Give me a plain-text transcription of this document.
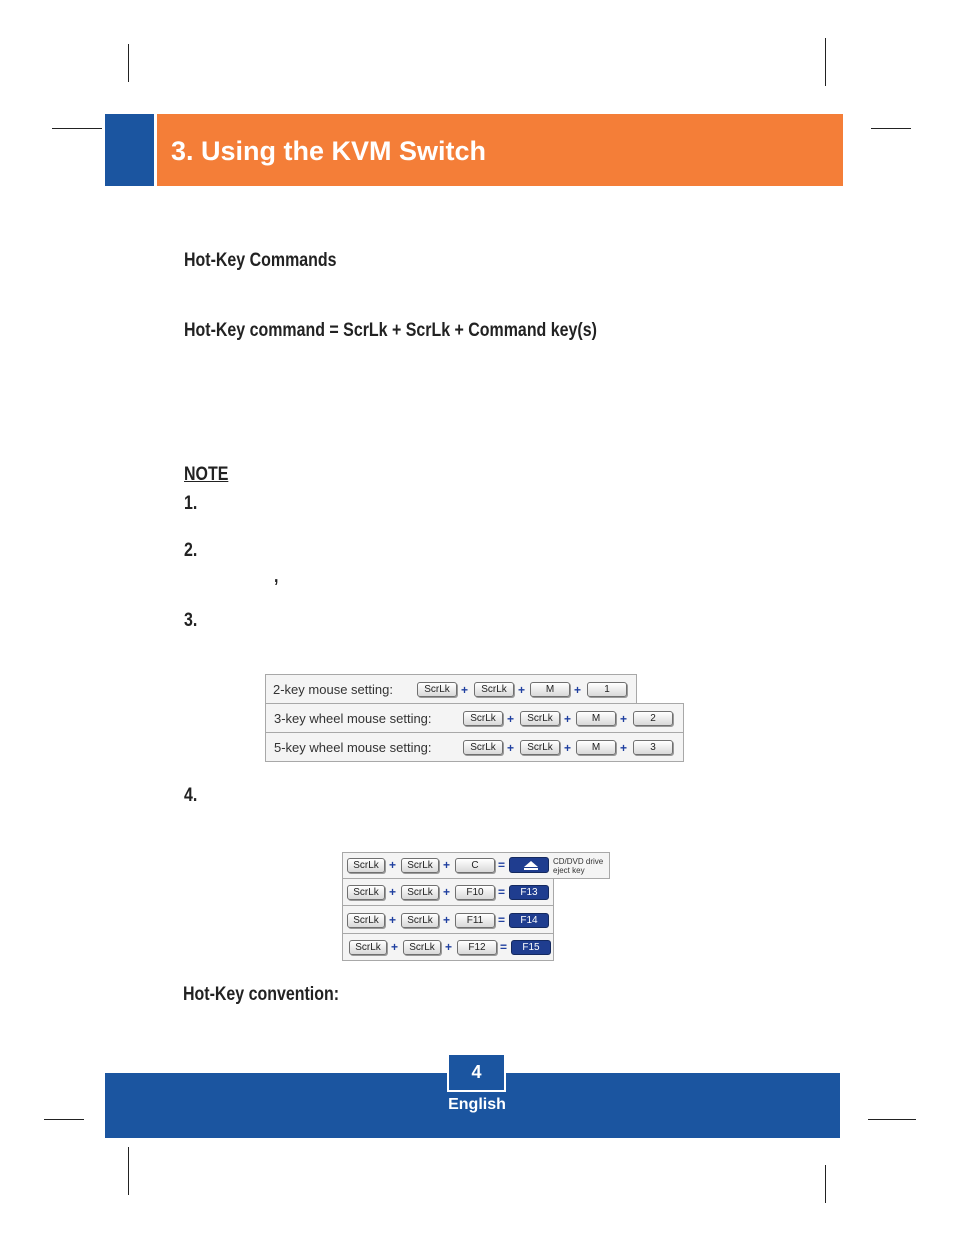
3. Using the KVM Switch
Hot-Key Commands
Hot-Key command = ScrLk + ScrLk + Command key(s)
NOTE
1.
2.
,
3.
4.
Hot-Key convention:
2-key mouse setting:	ScrLk +	ScrLk +	M	+	1
3-key wheel mouse setting:	ScrLk +	ScrLk +	M	+	2
5-key wheel mouse setting:	ScrLk +	ScrLk +	M	+	3
ScrLk +	ScrLk +	C	=	CD/DVD drive eject key
ScrLk +	ScrLk +	F10	=	F13
ScrLk +	ScrLk +	F11	=	F14
ScrLk +	ScrLk +	F12	=	F15
4
English
